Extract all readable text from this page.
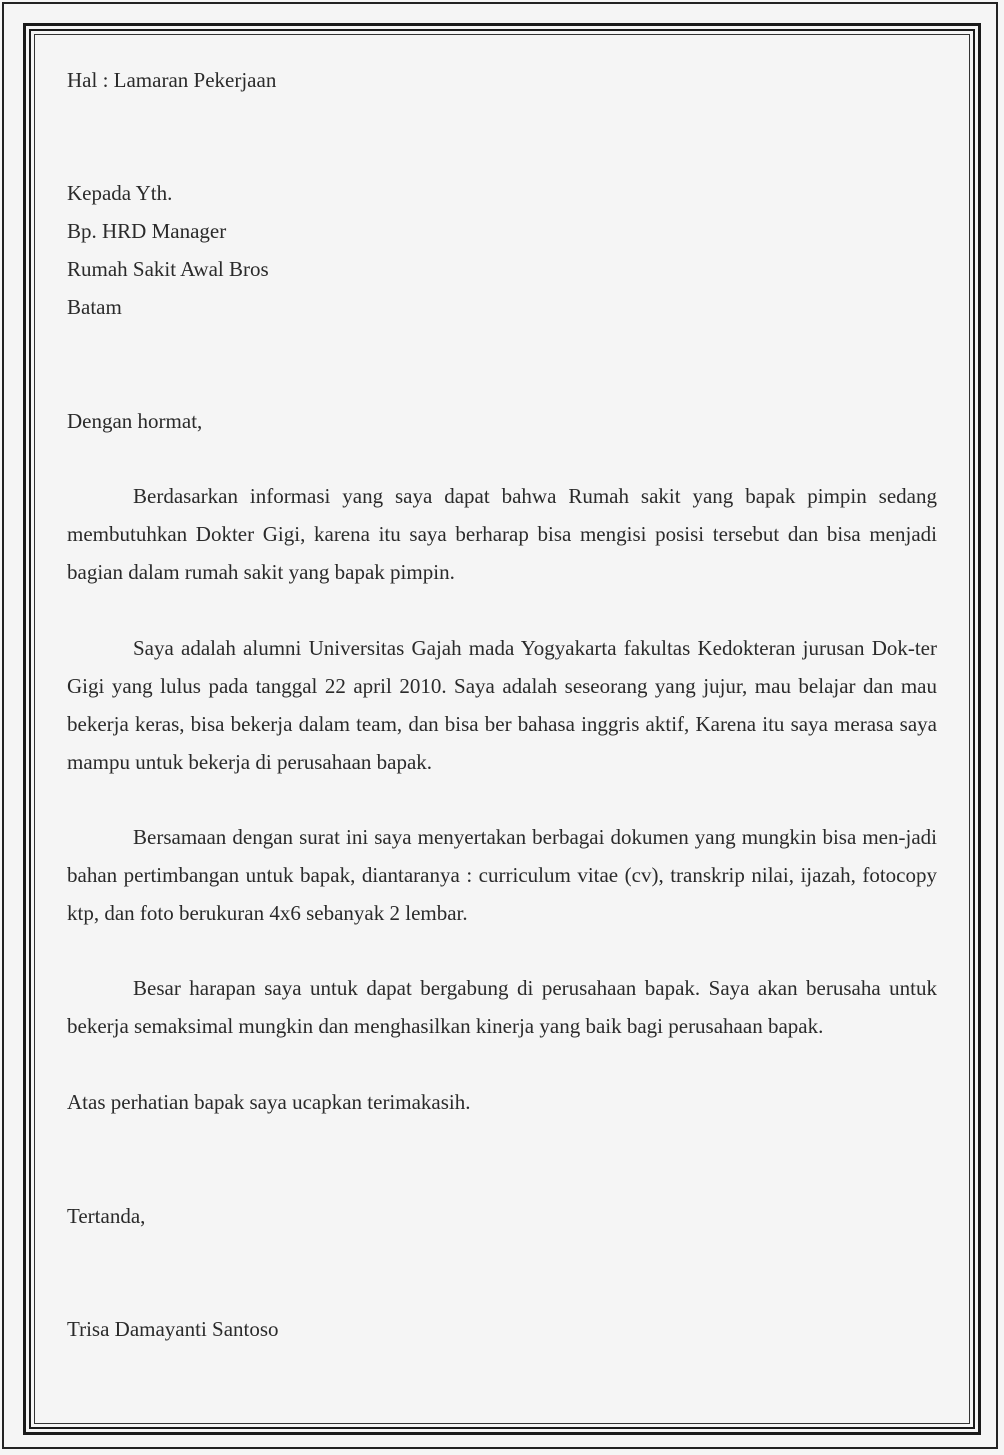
Hal : Lamaran Pekerjaan
Kepada Yth.
Bp. HRD Manager
Rumah Sakit Awal Bros
Batam
Dengan hormat,
Berdasarkan informasi yang saya dapat bahwa Rumah sakit yang bapak pimpin sedang membutuhkan Dokter Gigi, karena itu saya berharap bisa mengisi posisi tersebut dan bisa menjadi bagian dalam rumah sakit yang bapak pimpin.
Saya adalah alumni Universitas Gajah mada Yogyakarta fakultas Kedokteran jurusan Dok-ter Gigi yang lulus pada tanggal 22 april 2010. Saya adalah seseorang yang jujur, mau belajar dan mau bekerja keras, bisa bekerja dalam team, dan bisa ber bahasa inggris aktif, Karena itu saya merasa saya mampu untuk bekerja di perusahaan bapak.
Bersamaan dengan surat ini saya menyertakan berbagai dokumen yang mungkin bisa men-jadi bahan pertimbangan untuk bapak, diantaranya : curriculum vitae (cv), transkrip nilai, ijazah, fotocopy ktp, dan foto berukuran 4x6 sebanyak 2 lembar.
Besar harapan saya untuk dapat bergabung di perusahaan bapak. Saya akan berusaha untuk bekerja semaksimal mungkin dan menghasilkan kinerja yang baik bagi perusahaan bapak.
Atas perhatian bapak saya ucapkan terimakasih.
Tertanda,
Trisa Damayanti Santoso
